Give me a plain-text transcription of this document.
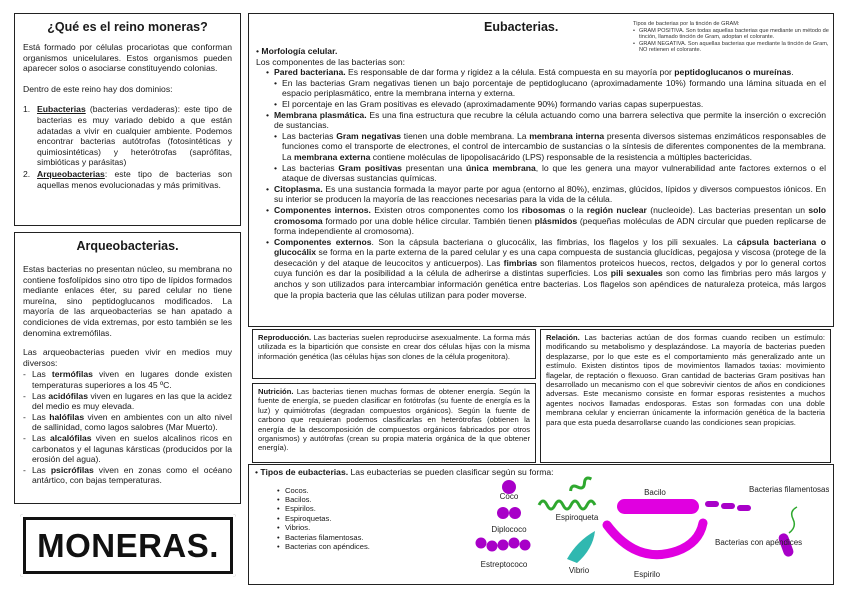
¿Qué es el reino moneras?

Está formado por células procariotas que conforman organismos unicelulares. Estos organismos pueden aparecer solos o asociarse constituyendo colonias.

Dentro de este reino hay dos dominios:

1. Eubacterias (bacterias verdaderas): este tipo de bacterias es muy variado debido a que están adatadas a vivir en cualquier ambiente. Podemos encontrar bacterias autótrofas (fotosintéticas y quimiosintéticas) y heterótrofas (saprófitas, simbióticas y parásitas)
2. Arqueobacterias: este tipo de bacterias son aquellas menos evolucionadas y más primitivas.
Arqueobacterias.

Estas bacterias no presentan núcleo, su membrana no contiene fosfolípidos sino otro tipo de lípidos formados mediante enlaces éter, su pared celular no tiene mureína, sino peptidoglucanos modificados. La mayoría de las arqueobacterias se han apatado a condiciones de vida extremas, por esto también se les denomina extremófilas.

Las arqueobacterias pueden vivir en medios muy diversos:

- Las termófilas viven en lugares donde existen temperaturas superiores a los 45 ºC.
- Las acidófilas viven en lugares en las que la acidez del medio es muy elevada.
- Las halófilas viven en ambientes con un alto nivel de sallinidad, como lagos salobres (Mar Muerto).
- Las alcalófilas viven en suelos alcalinos ricos en carbonatos y el lagunas kársticas (producidos por la erosión del agua).
- Las psicrófilas viven en zonas como el océano antártico, con bajas temperaturas.
MONERAS.
Eubacterias.	Tipos de bacterias por la tinción de GRAM:
• GRAM POSITIVA. Son todas aquellas bacterias que mediante un método de tinción, llamado tinción de Gram, adoptan el colorante.
• GRAM NEGATIVA. Son aquellas bacterias que mediante la tinción de Gram, NO retienen el colorante.
• Morfología celular.
Los componentes de las bacterias son:
• Pared bacteriana. Es responsable de dar forma y rigidez a la célula. Está compuesta en su mayoría por peptidoglucanos o mureínas.
• En las bacterias Gram negativas tienen un bajo porcentaje de peptidoglucano (aproximadamente 10%) formando una lámina situada en el espacio periplasmático, entre la membrana interna y externa.
• El porcentaje en las Gram positivas es elevado (aproximadamente 90%) formando varias capas superpuestas.
• Membrana plasmática. Es una fina estructura que recubre la célula actuando como una barrera selectiva que permite la inserción o excreción de sustancias.
• Las bacterias Gram negativas tienen una doble membrana. La membrana interna presenta diversos sistemas enzimáticos responsables de funciones como el transporte de electrones, el control de intercambio de sustancias o la síntesis de diferentes componentes de la membrana. La membrana externa contiene moléculas de lipopolisacárido (LPS) responsable de la resistencia a múltiples bactericidas.
• Las bacterias Gram positivas presentan una única membrana, lo que les genera una mayor vulnerabilidad ante factores externos o el ataque de diversas sustancias químicas.
• Citoplasma. Es una sustancia formada la mayor parte por agua (entorno al 80%), enzimas, glúcidos, lípidos y diversos compuestos iónicos. En su interior se producen la mayoría de las reacciones necesarias para la vida de la célula.
• Componentes internos. Existen otros componentes como los ribosomas o la región nuclear (nucleoide). Las bacterias presentan un solo cromosoma formado por una doble hélice circular. También tienen plásmidos (pequeñas moléculas de ADN circular que pueden replicarse de forma independiente al cromosoma).
• Componentes externos. Son la cápsula bacteriana o glucocálix, las fimbrias, los flagelos y los pili sexuales. La cápsula bacteriana o glucocálix se forma en la parte externa de la pared celular y es una capa compuesta de sustancia glucídicas, pegajosa y viscosa (protege de la desecación y del ataque de leucocitos y anticuerpos). Las fimbrias son filamentos proteicos huecos, rectos, delgados y por lo general cortos cuya función es dar la posibilidad a la célula de adherirse a distintas superficies. Los pili sexuales son como las fimbrias pero más largos y anchos y son utilizados para intercambiar información genética entre bacterias. Los flagelos son apéndices de naturaleza proteica, más largos que la propia bacteria que las células utilizan para poder moverse.

Reproducción. Las bacterias suelen reproducirse asexualmente. La forma más utilizada es la bipartición que consiste en crear dos células hijas con la misma información genética (las células hijas son clones de la célula progenitora).

Nutrición. Las bacterias tienen muchas formas de obtener energía. Según la fuente de energía, se pueden clasificar en fotótrofas (su fuente de energía es la luz) y quimiótrofas (degradan compuestos orgánicos). Según la fuente de carbono que requieran podemos clasificarlas en heterótrofas (obtienen la energía de la descomposición de compuestos orgánicos fabricados por otros organismos) y autótrofas (crean su propia materia orgánica de la que obtener energía).

Relación. Las bacterias actúan de dos formas cuando reciben un estímulo: modificando su metabolismo y desplazándose. La mayoría de bacterias pueden desplazarse, por lo que este es el comportamiento más generalizado ante un estímulo. Existen distintos tipos de movimientos llamados taxias: movimiento flagelar, de reptación o flexuoso. Gran cantidad de bacterias Gram positivas han desarrollado un mecanismo con el que sobrevivir cientos de años en condiciones adversas. Este mecanismo consiste en formar esporas resistentes a muchos agentes nocivos llamadas endosporas. Estas son formadas con una doble membrana celular y encierran únicamente la información genética de la bacteria para que esta pueda desarrollarse cuando las condiciones sean propicias.

• Tipos de eubacterias. Las eubacterias se pueden clasificar según su forma:
• Cocos.
• Bacilos.
• Espirilos.
• Espiroquetas.
• Vibrios.
• Bacterias filamentosas.
• Bacterias con apéndices.
Coco
Diplococo
Estreptococo
Espiroqueta
Vibrio
Bacilo
Espirilo
Bacterias filamentosas
Bacterias con apéndices
